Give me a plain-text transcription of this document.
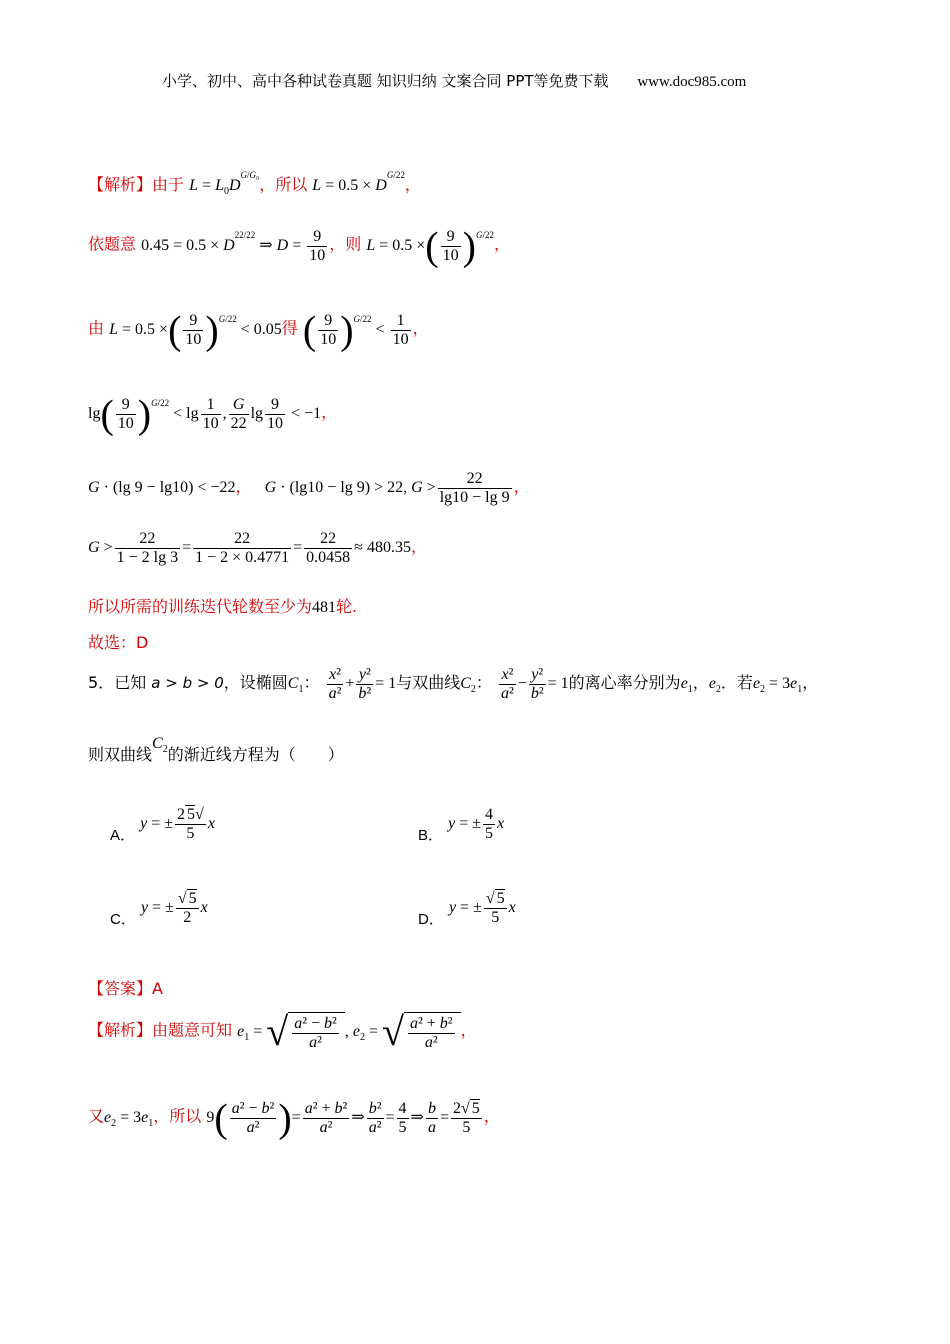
小学、初中、高中各种试卷真题 知识归纳 文案合同 PPT等免费下载 www.doc985.com
【解析】由于 $L = L_0D^{G/G_0}$，所以 $L = 0.5 \times D^{G/22}$，
依题意 $0.45 = 0.5 \times D^{22/22}$ ⇒ $D = \frac{9}{10}$ ，则 L = 0.5 ×( $\frac{9}{10} )^{G/22}$，
由 L = 0.5 ×( $\frac{9}{10} )^{G/22} < 0.05$得 ( $\frac{9}{10} )^{G/22} < \frac{1}{10}$ ，
$\lg( \frac{9}{10} )^{G/22} < \lg \frac{1}{10}$ , $\frac{G}{22}$ $\lg \frac{9}{10} < -1$，
G · (lg 9 − lg10) < −22， G · (lg10 − lg 9) > 22, $G > \frac{22}{\lg 10 - \lg 9}$ ，
$G > \frac{22}{1 - 2 \lg 3} = \frac{22}{1 - 2 \times 0.4771} = \frac{22}{0.0458} \approx 480.35$，
所以所需的训练迭代轮数至少为481轮.
故选：D
5．已知 a > b > 0，设椭圆$C_1$： $\frac{\text{x²}}{\text{a²}} + \frac{\text{y²}}{\text{b²}} = 1$与双曲线$C_2$： $\frac{\text{x²}}{\text{a²}} - \frac{\text{y²}}{\text{b²}} = 1$的离心率分别为$e_1$，$e_2$．若$e_2 = 3e_1$，
则双曲线$C_2$的渐近线方程为（　　）
A． y = ± $\frac{2 5√}{5}$ x
B． y = ± $\frac{4}{5}$ x
C． y = ± $\frac{√ 5}{2}$ x
D． y = ± $\frac{√ 5}{5}$ x
【答案】A
【解析】由题意可知 $e_1$ = √ $\frac{\text{a² − b²}}{\text{a²}}$ , $e_2$ = √ $\frac{\text{a² + b²}}{\text{a²}}$ ，
又$e_2 = 3e_1$，所以 $9( \frac{\text{a² − b²}}{\text{a²}}$ )= $\frac{\text{a² + b²}}{\text{a²}}$ ⇒ $\frac{\text{b²}}{\text{a²}} = \frac{4}{5}$ ⇒ $\frac{b}{a} = \frac{2√ 5}{5}$ ，
